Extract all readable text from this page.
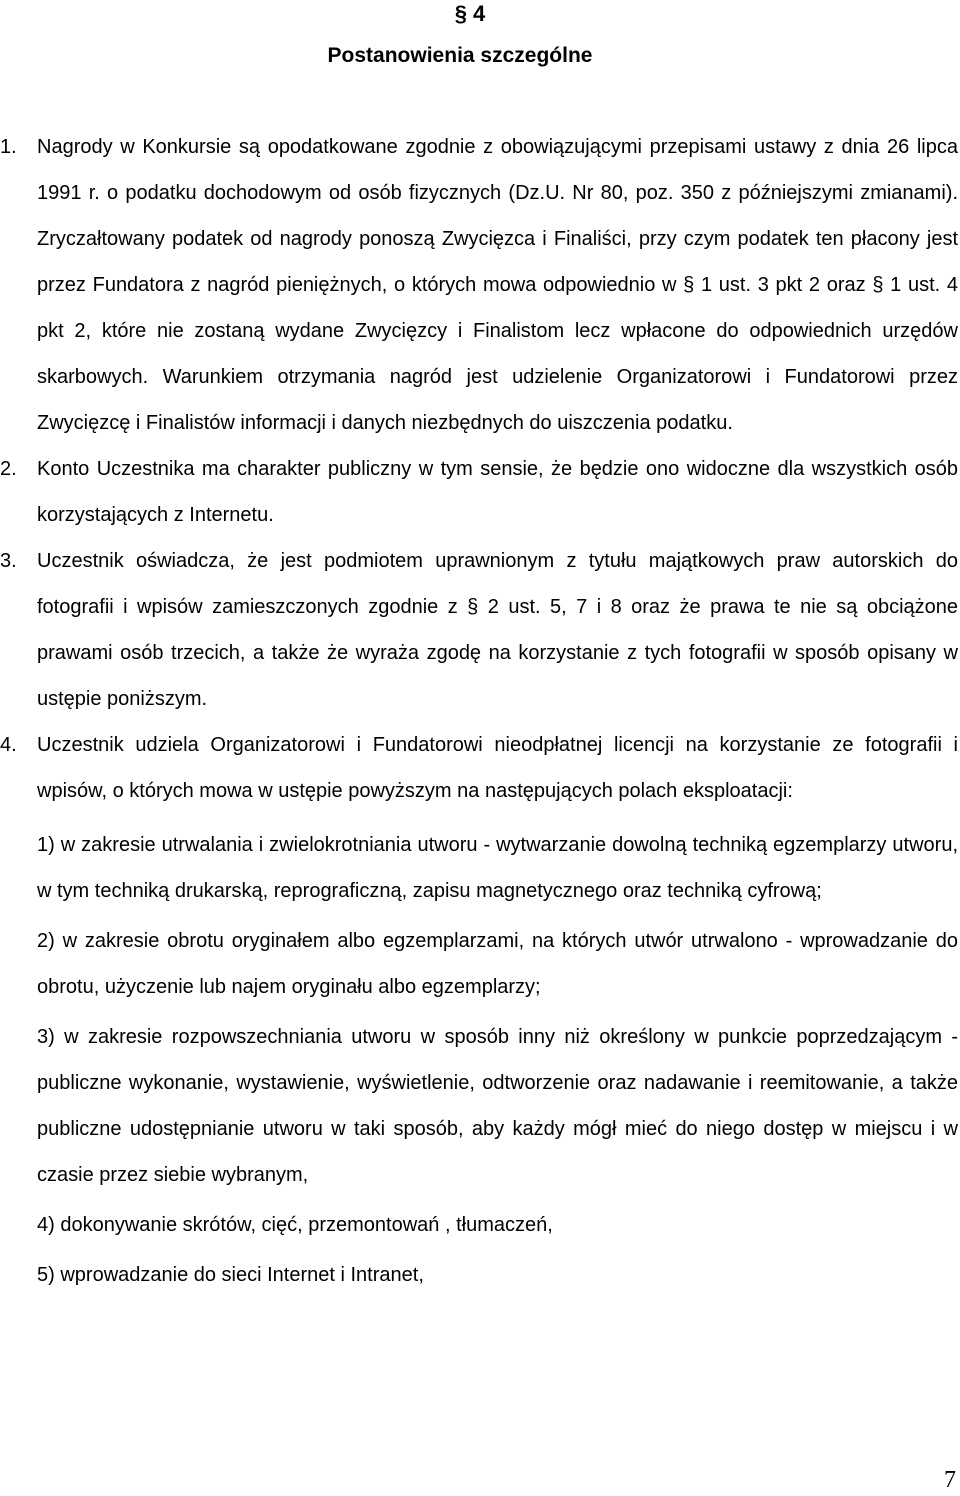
§ 4
Postanowienia szczególne
1. Nagrody w Konkursie są opodatkowane zgodnie z obowiązującymi przepisami ustawy z dnia 26 lipca 1991 r. o podatku dochodowym od osób fizycznych (Dz.U. Nr 80, poz. 350 z późniejszymi zmianami). Zryczałtowany podatek od nagrody ponoszą Zwycięzca i Finaliści, przy czym podatek ten płacony jest przez Fundatora z nagród pieniężnych, o których mowa odpowiednio w § 1 ust. 3 pkt 2 oraz § 1 ust. 4 pkt 2, które nie zostaną wydane Zwycięzcy i Finalistom lecz wpłacone do odpowiednich urzędów skarbowych. Warunkiem otrzymania nagród jest udzielenie Organizatorowi i Fundatorowi przez Zwycięzcę i Finalistów informacji i danych niezbędnych do uiszczenia podatku.
2. Konto Uczestnika ma charakter publiczny w tym sensie, że będzie ono widoczne dla wszystkich osób korzystających z Internetu.
3. Uczestnik oświadcza, że jest podmiotem uprawnionym z tytułu majątkowych praw autorskich do fotografii i wpisów zamieszczonych zgodnie z § 2 ust. 5, 7 i 8 oraz że prawa te nie są obciążone prawami osób trzecich, a także że wyraża zgodę na korzystanie z tych fotografii w sposób opisany w ustępie poniższym.
4. Uczestnik udziela Organizatorowi i Fundatorowi nieodpłatnej licencji na korzystanie ze fotografii i wpisów, o których mowa w ustępie powyższym na następujących polach eksploatacji:
1) w zakresie utrwalania i zwielokrotniania utworu - wytwarzanie dowolną techniką egzemplarzy utworu, w tym techniką drukarską, reprograficzną, zapisu magnetycznego oraz techniką cyfrową;
2) w zakresie obrotu oryginałem albo egzemplarzami, na których utwór utrwalono - wprowadzanie do obrotu, użyczenie lub najem oryginału albo egzemplarzy;
3) w zakresie rozpowszechniania utworu w sposób inny niż określony w punkcie poprzedzającym - publiczne wykonanie, wystawienie, wyświetlenie, odtworzenie oraz nadawanie i reemitowanie, a także publiczne udostępnianie utworu w taki sposób, aby każdy mógł mieć do niego dostęp w miejscu i w czasie przez siebie wybranym,
4) dokonywanie skrótów, cięć, przemontowań , tłumaczeń,
5) wprowadzanie do sieci Internet i Intranet,
7
